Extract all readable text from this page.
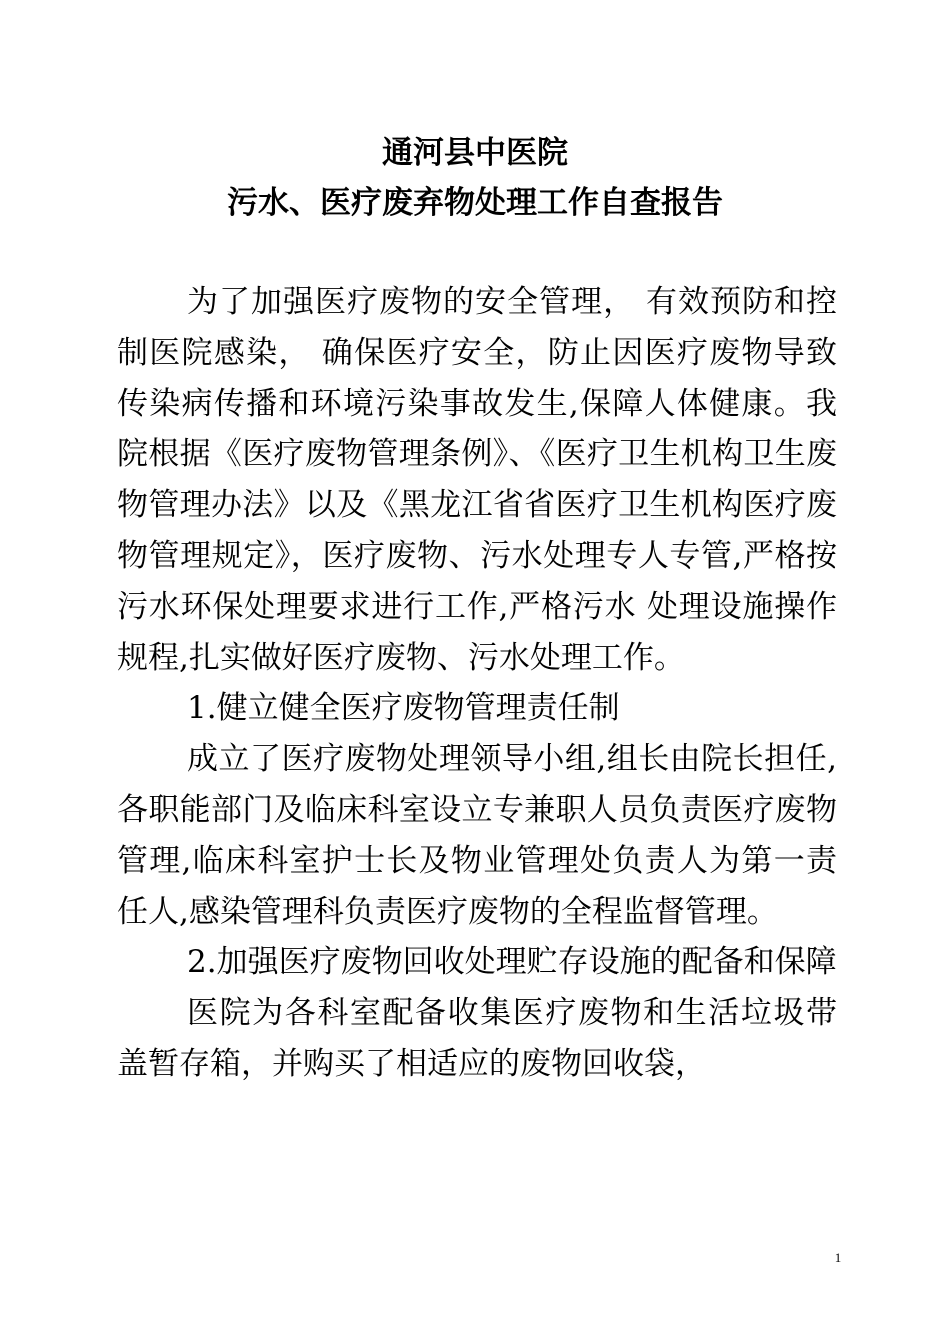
通河县中医院
污水、医疗废弃物处理工作自查报告

为了加强医疗废物的安全管理， 有效预防和控制医院感染， 确保医疗安全，防止因医疗废物导致传染病传播和环境污染事故发生,保障人体健康。我院根据《医疗废物管理条例》、《医疗卫生机构卫生废物管理办法》以及《黑龙江省省医疗卫生机构医疗废物管理规定》，医疗废物、污水处理专人专管,严格按污水环保处理要求进行工作,严格污水 处理设施操作规程,扎实做好医疗废物、污水处理工作。

1.健立健全医疗废物管理责任制

成立了医疗废物处理领导小组,组长由院长担任,各职能部门及临床科室设立专兼职人员负责医疗废物管理,临床科室护士长及物业管理处负责人为第一责任人,感染管理科负责医疗废物的全程监督管理。

2.加强医疗废物回收处理贮存设施的配备和保障

医院为各科室配备收集医疗废物和生活垃圾带盖暂存箱，并购买了相适应的废物回收袋，

1
